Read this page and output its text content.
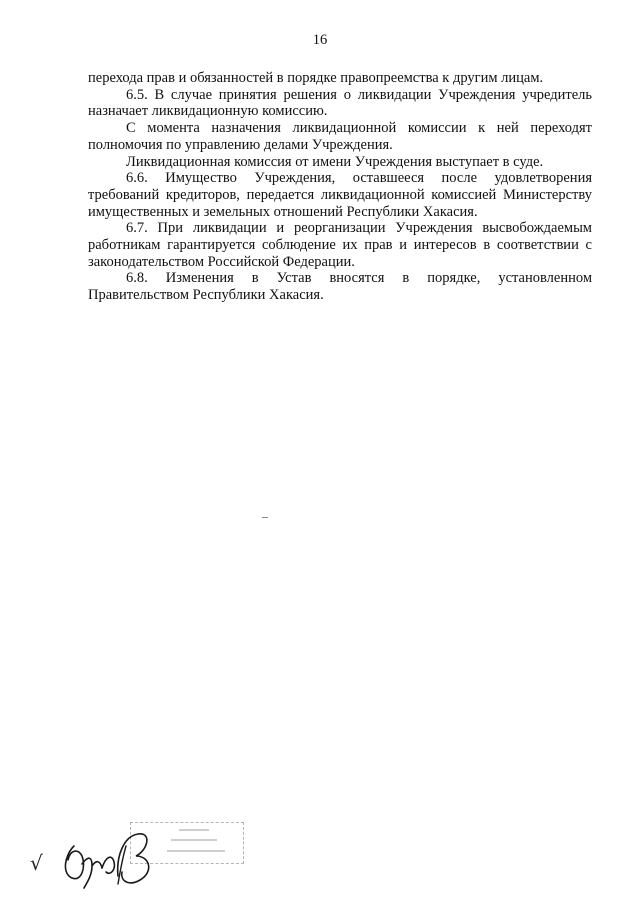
16

перехода прав и обязанностей в порядке правопреемства к другим лицам.

6.5. В случае принятия решения о ликвидации Учреждения учредитель назначает ликвидационную комиссию.

С момента назначения ликвидационной комиссии к ней переходят полномочия по управлению делами Учреждения.

Ликвидационная комиссия от имени Учреждения выступает в суде.

6.6. Имущество Учреждения, оставшееся после удовлетворения требований кредиторов, передается ликвидационной комиссией Министерству имущественных и земельных отношений Республики Хакасия.

6.7. При ликвидации и реорганизации Учреждения высвобождаемым работникам гарантируется соблюдение их прав и интересов в соответствии с законодательством Российской Федерации.

6.8. Изменения в Устав вносятся в порядке, установленном Правительством Республики Хакасия.

√
